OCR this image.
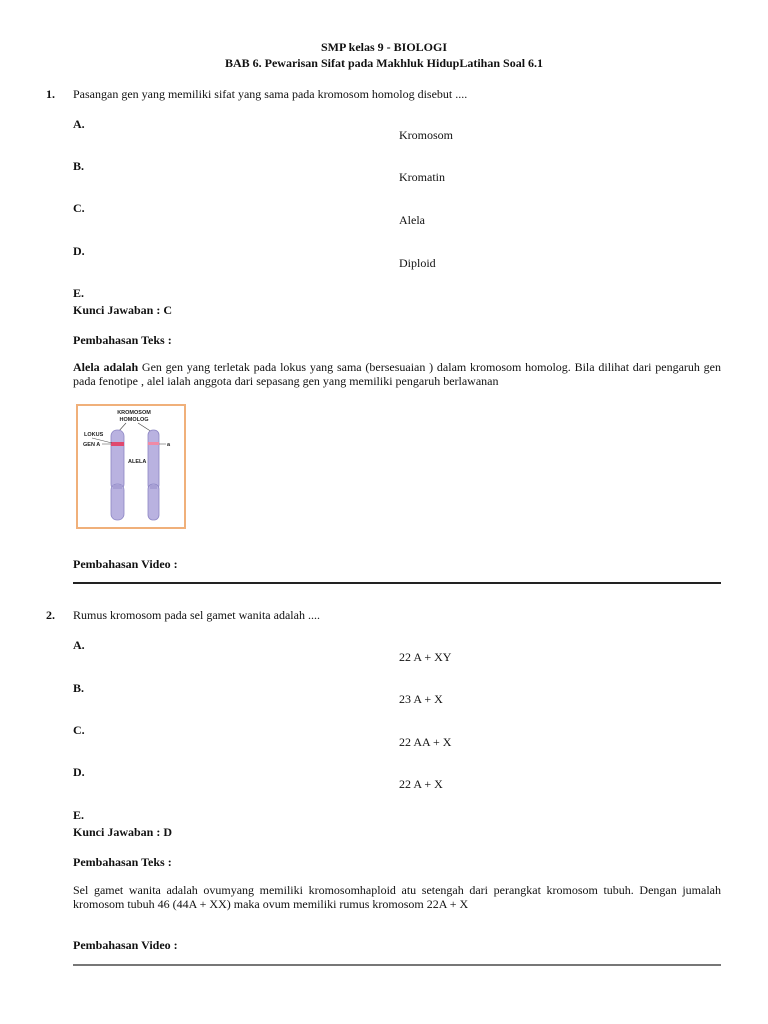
SMP kelas 9 - BIOLOGI
BAB 6. Pewarisan Sifat pada Makhluk HidupLatihan Soal 6.1
1. Pasangan gen yang memiliki sifat yang sama pada kromosom homolog disebut ....
A.
Kromosom
B.
Kromatin
C.
Alela
D.
Diploid
E.
Kunci Jawaban : C
Pembahasan Teks :
Alela adalah Gen gen yang terletak pada lokus yang sama (bersesuaian ) dalam kromosom homolog. Bila dilihat dari pengaruh gen pada fenotipe , alel ialah anggota dari sepasang gen yang memiliki pengaruh berlawanan
KROMOSOM
HOMOLOG
LOKUS
GEN A
ALELA
a
Pembahasan Video :
2. Rumus kromosom pada sel gamet wanita adalah ....
A.
22 A + XY
B.
23 A + X
C.
22 AA + X
D.
22 A + X
E.
Kunci Jawaban : D
Pembahasan Teks :
Sel gamet wanita adalah ovumyang memiliki kromosomhaploid atu setengah dari perangkat kromosom tubuh. Dengan jumalah kromosom tubuh 46 (44A + XX) maka ovum memiliki rumus kromosom 22A + X
Pembahasan Video :
